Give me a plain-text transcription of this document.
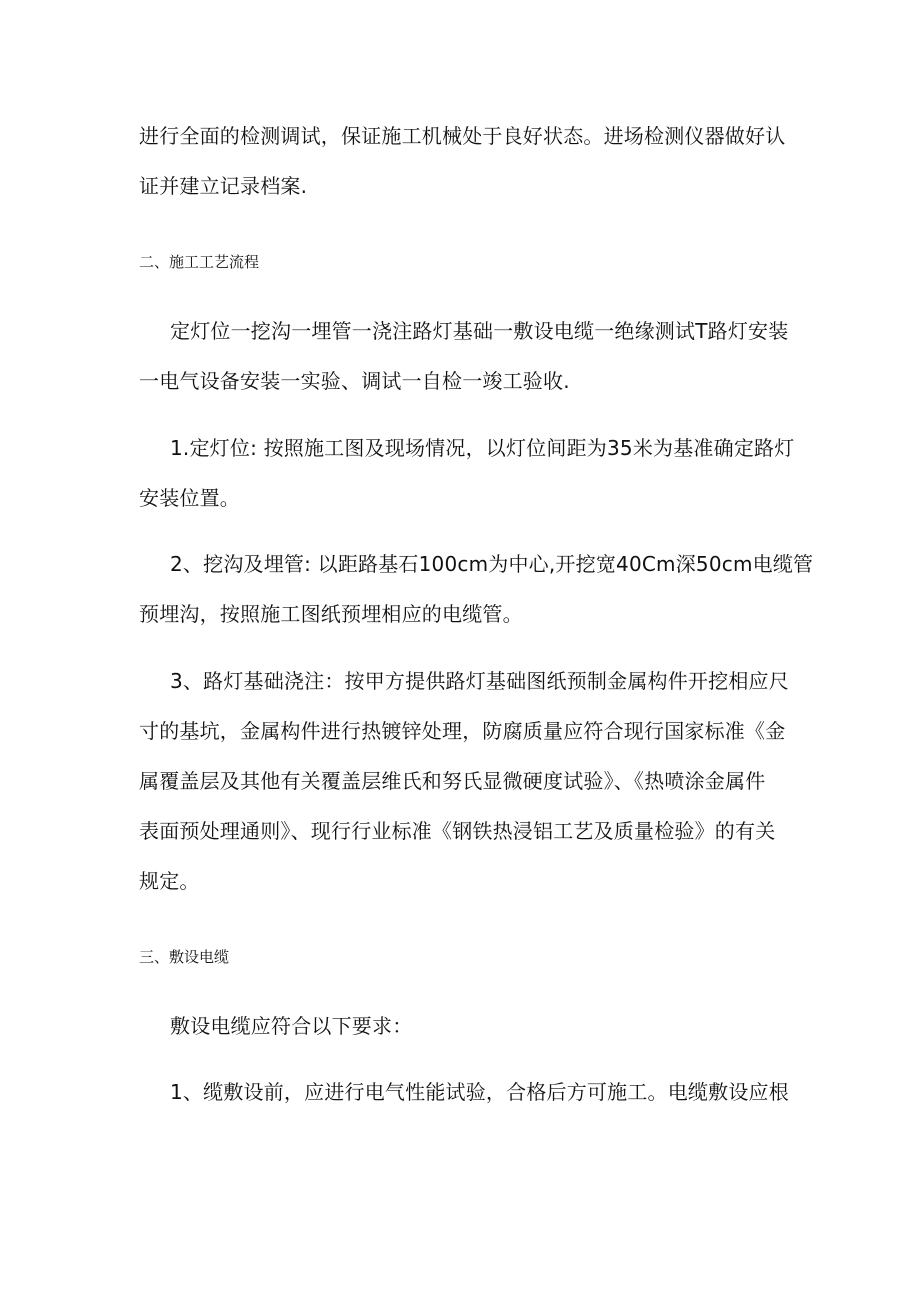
进行全面的检测调试，保证施工机械处于良好状态。进场检测仪器做好认
证并建立记录档案.
二、施工工艺流程
定灯位一挖沟一埋管一浇注路灯基础一敷设电缆一绝缘测试T路灯安装
一电气设备安装一实验、调试一自检一竣工验收.
1.定灯位: 按照施工图及现场情况，以灯位间距为35米为基准确定路灯
安装位置。
2、挖沟及埋管: 以距路基石100cm为中心,开挖宽40Cm深50cm电缆管
预埋沟，按照施工图纸预埋相应的电缆管。
3、路灯基础浇注：按甲方提供路灯基础图纸预制金属构件开挖相应尺
寸的基坑，金属构件进行热镀锌处理，防腐质量应符合现行国家标准《金
属覆盖层及其他有关覆盖层维氏和努氏显微硬度试验》、《热喷涂金属件
表面预处理通则》、现行行业标准《钢铁热浸铝工艺及质量检验》的有关
规定。
三、敷设电缆
敷设电缆应符合以下要求：
1、缆敷设前，应进行电气性能试验，合格后方可施工。电缆敷设应根
